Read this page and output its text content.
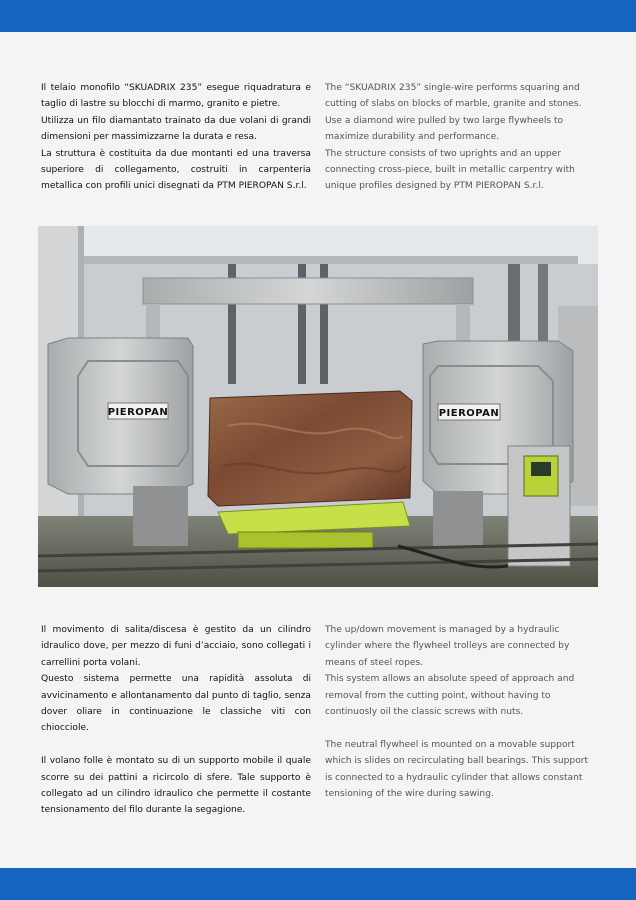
Il telaio monofilo “SKUADRIX 235” esegue riquadratura e taglio di lastre su blocchi di marmo, granito e pietre.

Utilizza un filo diamantato trainato da due volani di grandi dimensioni per massimizzarne la durata e resa.

La struttura è costituita da due montanti ed una traversa superiore di collegamento, costruiti in carpenteria metallica con profili unici disegnati da PTM PIEROPAN S.r.l.

The “SKUADRIX 235” single-wire performs squaring and cutting of slabs on blocks of marble, granite and stones.

Use a diamond wire pulled by two large flywheels to maximize durability and performance.

The structure consists of two uprights and an upper connecting cross-piece, built in metallic carpentry with unique profiles designed by PTM PIEROPAN S.r.l.

PIEROPAN	PIEROPAN

Il movimento di salita/discesa è gestito da un cilindro idraulico dove, per mezzo di funi d’acciaio, sono collegati i carrellini porta volani.

Questo sistema permette una rapidità assoluta di avvicinamento e allontanamento dal punto di taglio, senza dover oliare in continuazione le classiche viti con chiocciole.

Il volano folle è montato su di un supporto mobile il quale scorre su dei pattini a ricircolo di sfere. Tale supporto è collegato ad un cilindro idraulico che permette il costante tensionamento del filo durante la segagione.

The up/down movement is managed by a hydraulic cylinder where the flywheel trolleys are connected by means of steel ropes.

This system allows an absolute speed of approach and removal from the cutting point, without having to continuosly oil the classic screws with nuts.

The neutral flywheel is mounted on a movable support which is slides on recirculating ball bearings. This support is connected to a hydraulic cylinder that allows constant tensioning of the wire during sawing.
